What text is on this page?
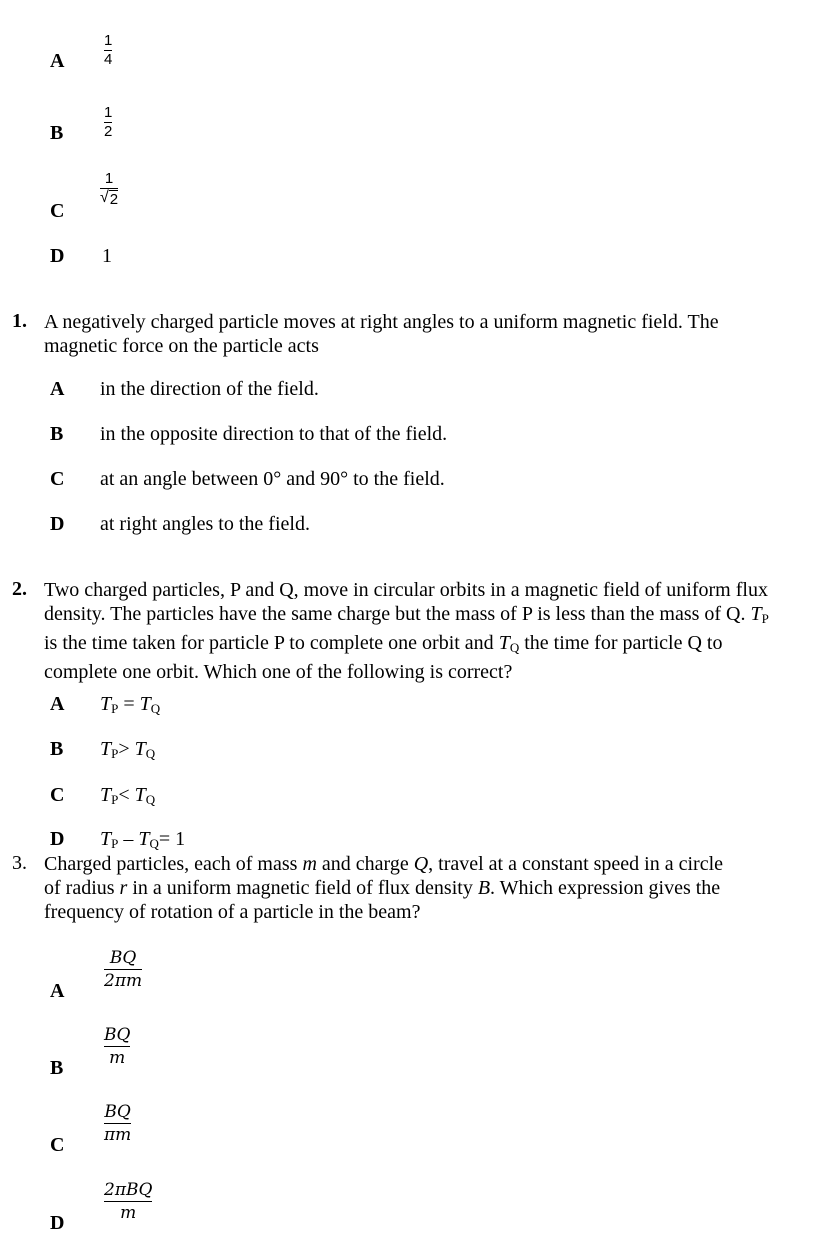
A
1
4
B
1
2
C
1
√ 2
D 1
1. A negatively charged particle moves at right angles to a uniform magnetic field. The
magnetic force on the particle acts
A in the direction of the field.
B in the opposite direction to that of the field.
C at an angle between 0° and 90° to the field.
D at right angles to the field.
2. Two charged particles, P and Q, move in circular orbits in a magnetic field of uniform flux
density. The particles have the same charge but the mass of P is less than the mass of Q. $T_P$
is the time taken for particle P to complete one orbit and $T_Q$ the time for particle Q to
complete one orbit. Which one of the following is correct?
A $T_P = T_Q$
B $T_P> T_Q$
C $T_P< T_Q$
D $T_P - T_Q= 1$
3. Charged particles, each of mass m and charge Q, travel at a constant speed in a circle
of radius r in a uniform magnetic field of flux density B. Which expression gives the
frequency of rotation of a particle in the beam?
A
BQ
2πm
B
BQ
m
C
BQ
πm
D
2πBQ
m
